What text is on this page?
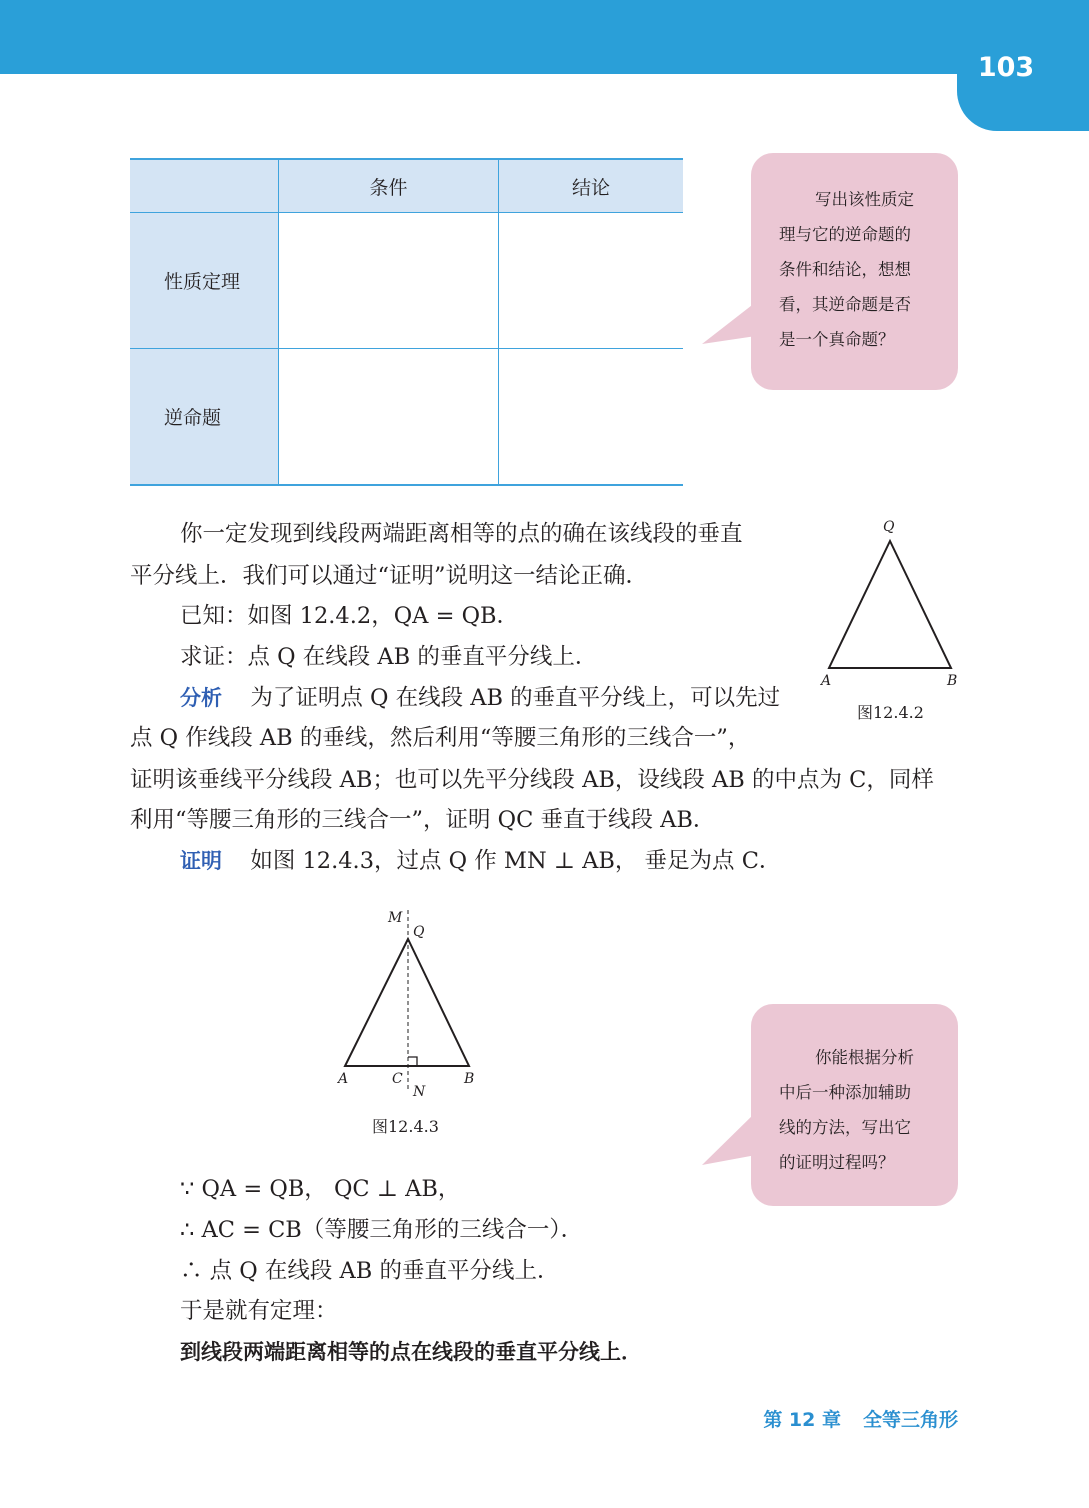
103
	条件	结论
性质定理		
逆命题		
写出该性质定
理与它的逆命题的
条件和结论，想想
看，其逆命题是否
是一个真命题？
你一定发现到线段两端距离相等的点的确在该线段的垂直
平分线上．我们可以通过“证明”说明这一结论正确．
已知：如图 12.4.2，QA = QB．
求证：点 Q 在线段 AB 的垂直平分线上．
分析 为了证明点 Q 在线段 AB 的垂直平分线上，可以先过
点 Q 作线段 AB 的垂线，然后利用“等腰三角形的三线合一”，
证明该垂线平分线段 AB；也可以先平分线段 AB，设线段 AB 的中点为 C，同样
利用“等腰三角形的三线合一”，证明 QC 垂直于线段 AB．
证明 如图 12.4.3，过点 Q 作 MN ⊥ AB， 垂足为点 C．
Q
A	B
图12.4.2
M
Q
A	C	B
N
图12.4.3
你能根据分析
中后一种添加辅助
线的方法，写出它
的证明过程吗？
∵ QA = QB， QC ⊥ AB，
∴ AC = CB（等腰三角形的三线合一）．
∴ 点 Q 在线段 AB 的垂直平分线上．
于是就有定理：
到线段两端距离相等的点在线段的垂直平分线上．
第 12 章 全等三角形
